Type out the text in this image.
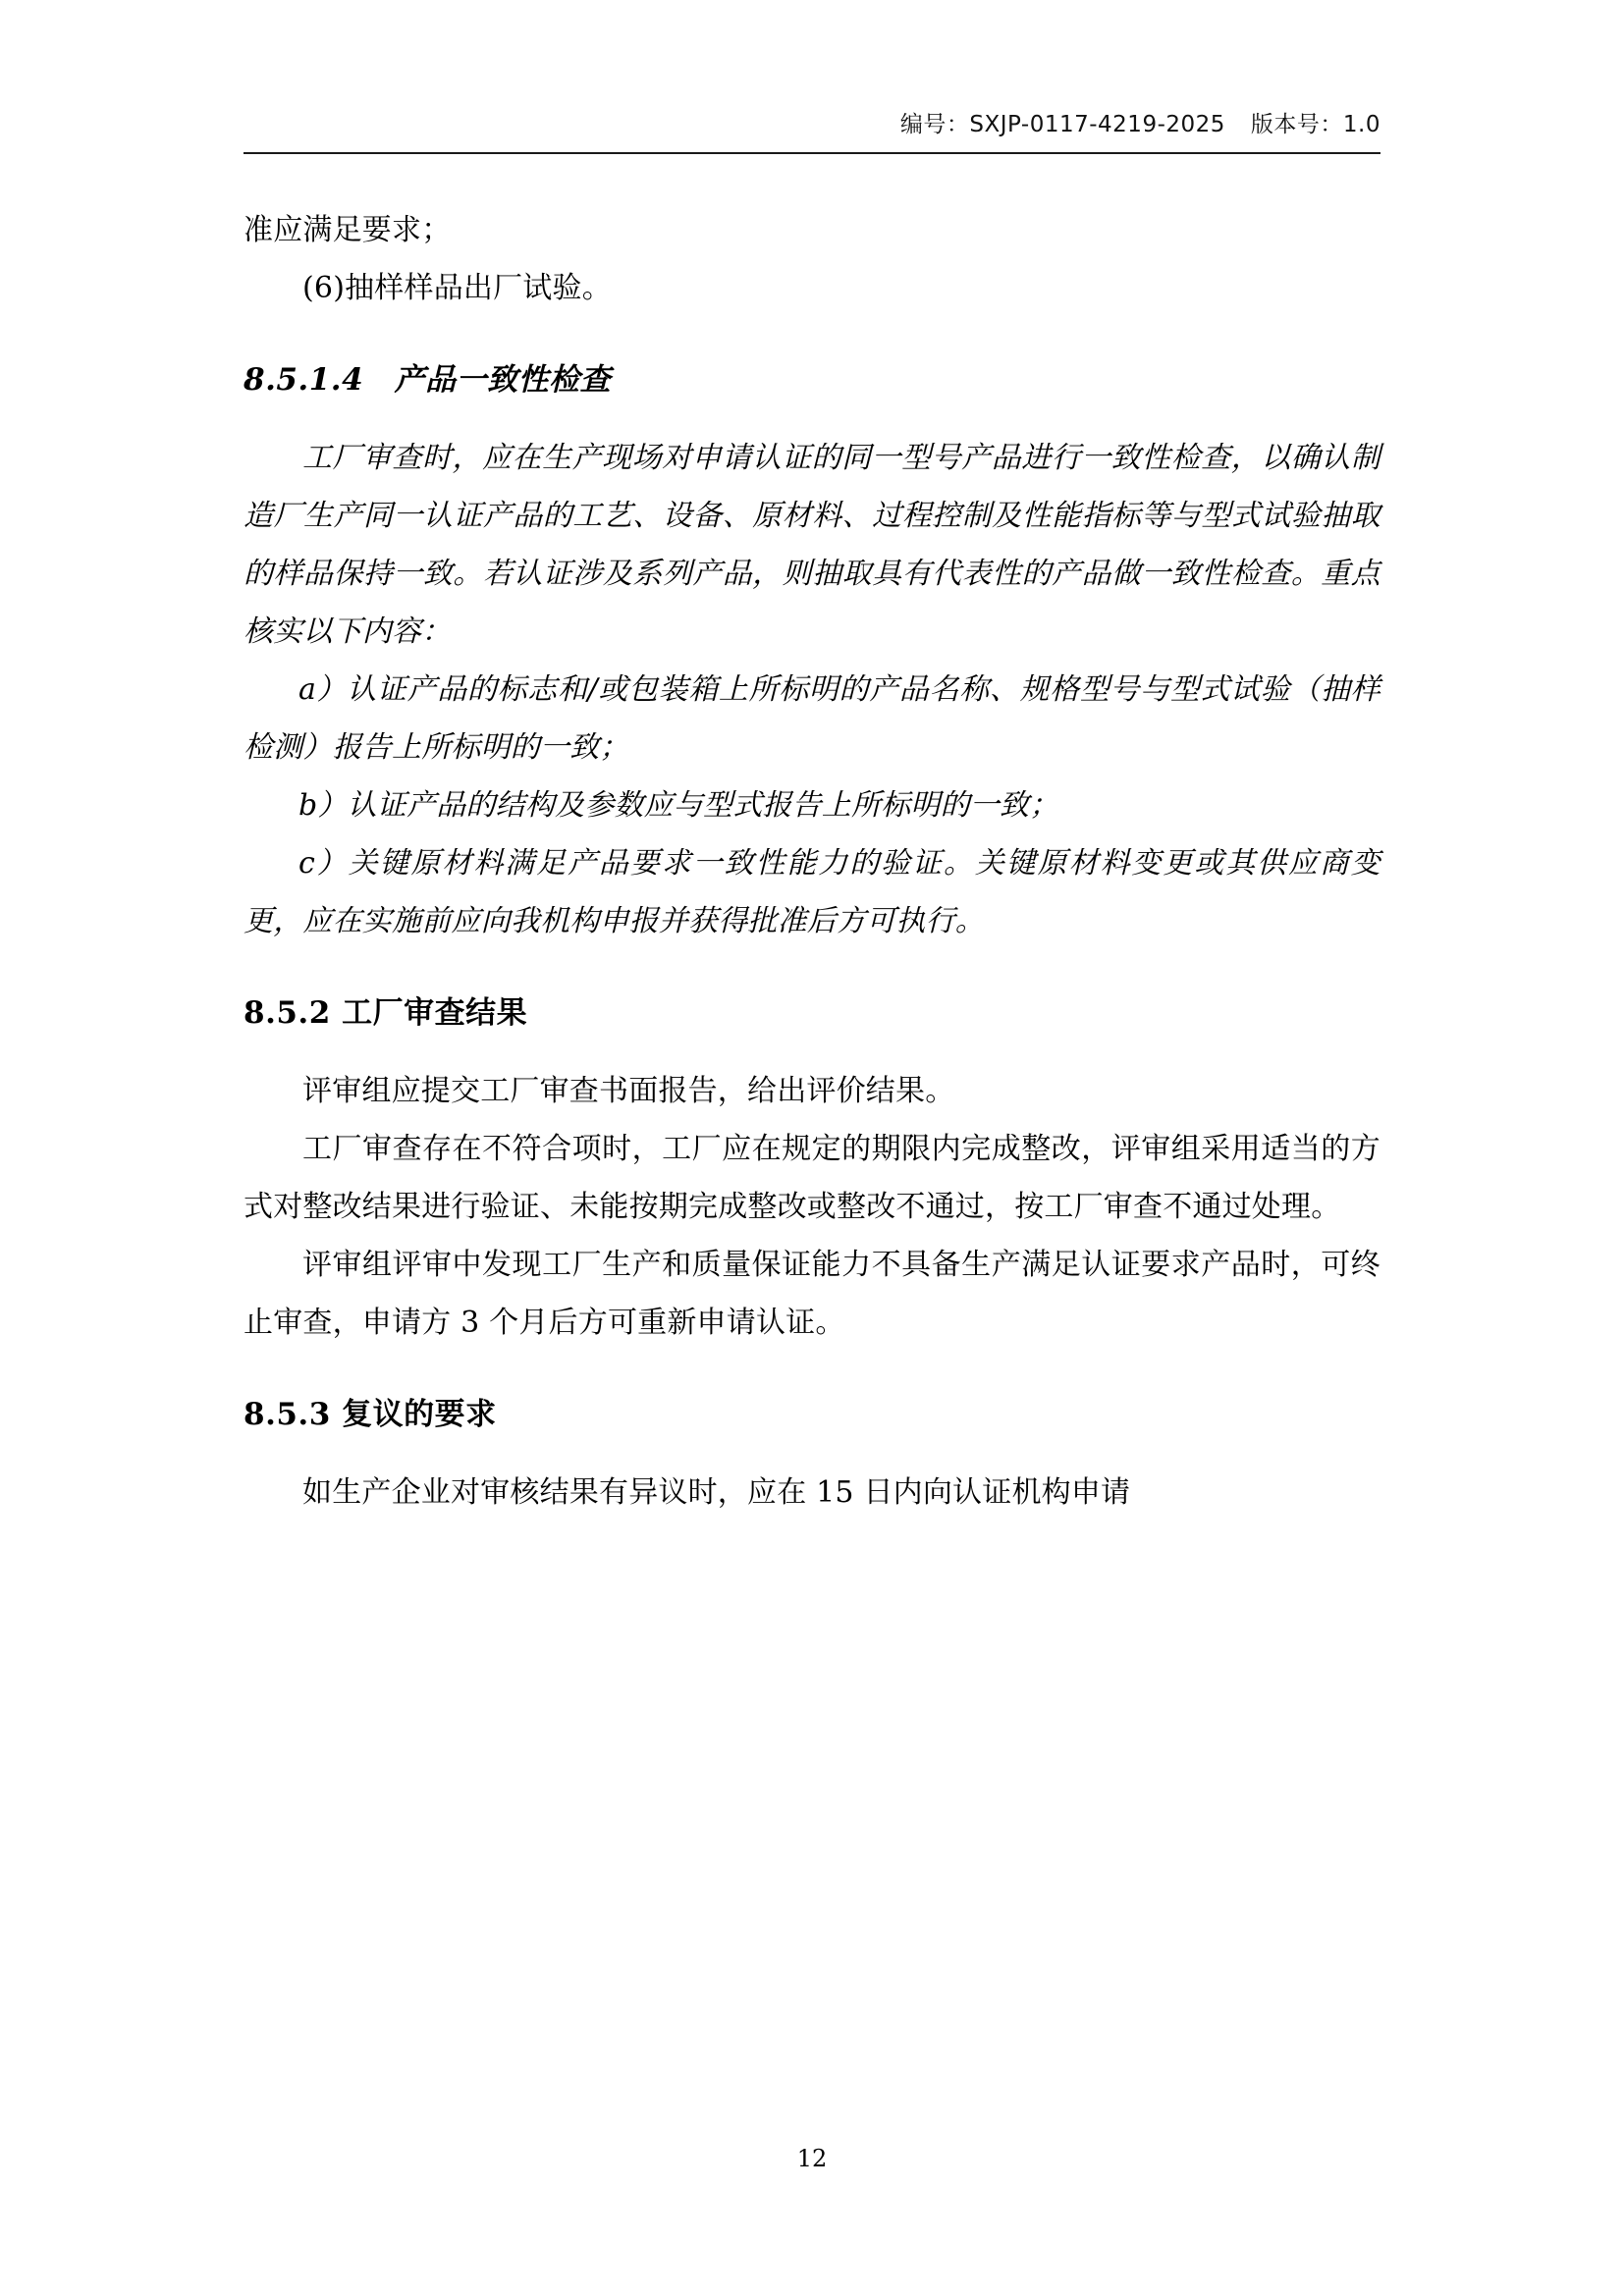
编号：SXJP-0117-4219-2025 版本号：1.0

准应满足要求；

(6)抽样样品出厂试验。

8.5.1.4　产品一致性检查

工厂审查时，应在生产现场对申请认证的同一型号产品进行一致性检查，以确认制造厂生产同一认证产品的工艺、设备、原材料、过程控制及性能指标等与型式试验抽取的样品保持一致。若认证涉及系列产品，则抽取具有代表性的产品做一致性检查。重点核实以下内容：

a）认证产品的标志和/或包装箱上所标明的产品名称、规格型号与型式试验（抽样检测）报告上所标明的一致；

b）认证产品的结构及参数应与型式报告上所标明的一致；

c）关键原材料满足产品要求一致性能力的验证。关键原材料变更或其供应商变更，应在实施前应向我机构申报并获得批准后方可执行。

8.5.2 工厂审查结果

评审组应提交工厂审查书面报告，给出评价结果。

工厂审查存在不符合项时，工厂应在规定的期限内完成整改，评审组采用适当的方式对整改结果进行验证、未能按期完成整改或整改不通过，按工厂审查不通过处理。

评审组评审中发现工厂生产和质量保证能力不具备生产满足认证要求产品时，可终止审查，申请方 3 个月后方可重新申请认证。

8.5.3 复议的要求

如生产企业对审核结果有异议时，应在 15 日内向认证机构申请

12
